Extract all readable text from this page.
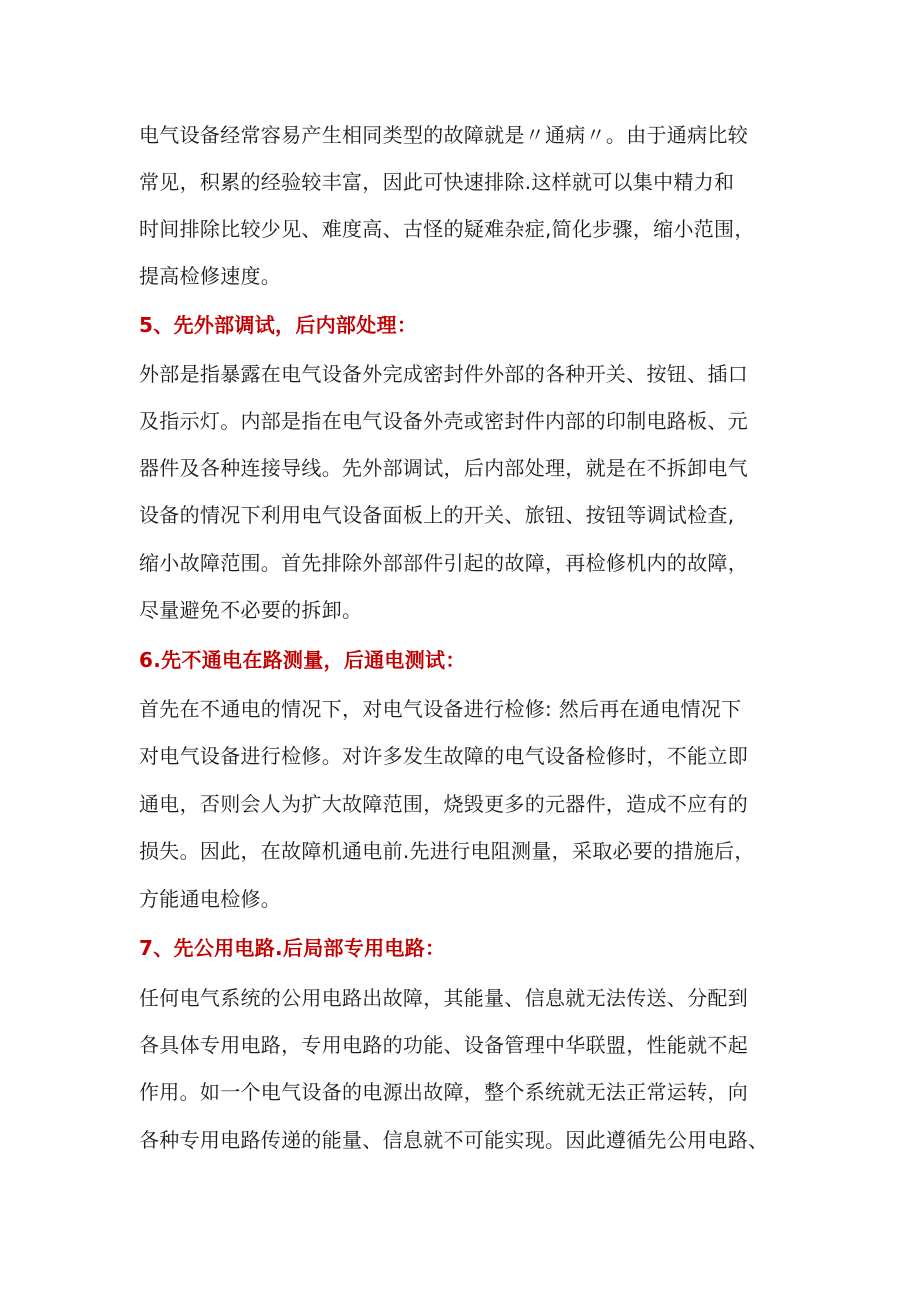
电气设备经常容易产生相同类型的故障就是〃通病〃。由于通病比较
常见，积累的经验较丰富，因此可快速排除.这样就可以集中精力和
时间排除比较少见、难度高、古怪的疑难杂症,简化步骤，缩小范围，
提高检修速度。
5、先外部调试，后内部处理：
外部是指暴露在电气设备外完成密封件外部的各种开关、按钮、插口
及指示灯。内部是指在电气设备外壳或密封件内部的印制电路板、元
器件及各种连接导线。先外部调试，后内部处理，就是在不拆卸电气
设备的情况下利用电气设备面板上的开关、旅钮、按钮等调试检查,
缩小故障范围。首先排除外部部件引起的故障，再检修机内的故障，
尽量避免不必要的拆卸。
6.先不通电在路测量，后通电测试：
首先在不通电的情况下，对电气设备进行检修: 然后再在通电情况下
对电气设备进行检修。对许多发生故障的电气设备检修时，不能立即
通电，否则会人为扩大故障范围，烧毁更多的元器件，造成不应有的
损失。因此，在故障机通电前.先进行电阻测量，采取必要的措施后，
方能通电检修。
7、先公用电路.后局部专用电路：
任何电气系统的公用电路出故障，其能量、信息就无法传送、分配到
各具体专用电路，专用电路的功能、设备管理中华联盟，性能就不起
作用。如一个电气设备的电源出故障，整个系统就无法正常运转，向
各种专用电路传递的能量、信息就不可能实现。因此遵循先公用电路、
